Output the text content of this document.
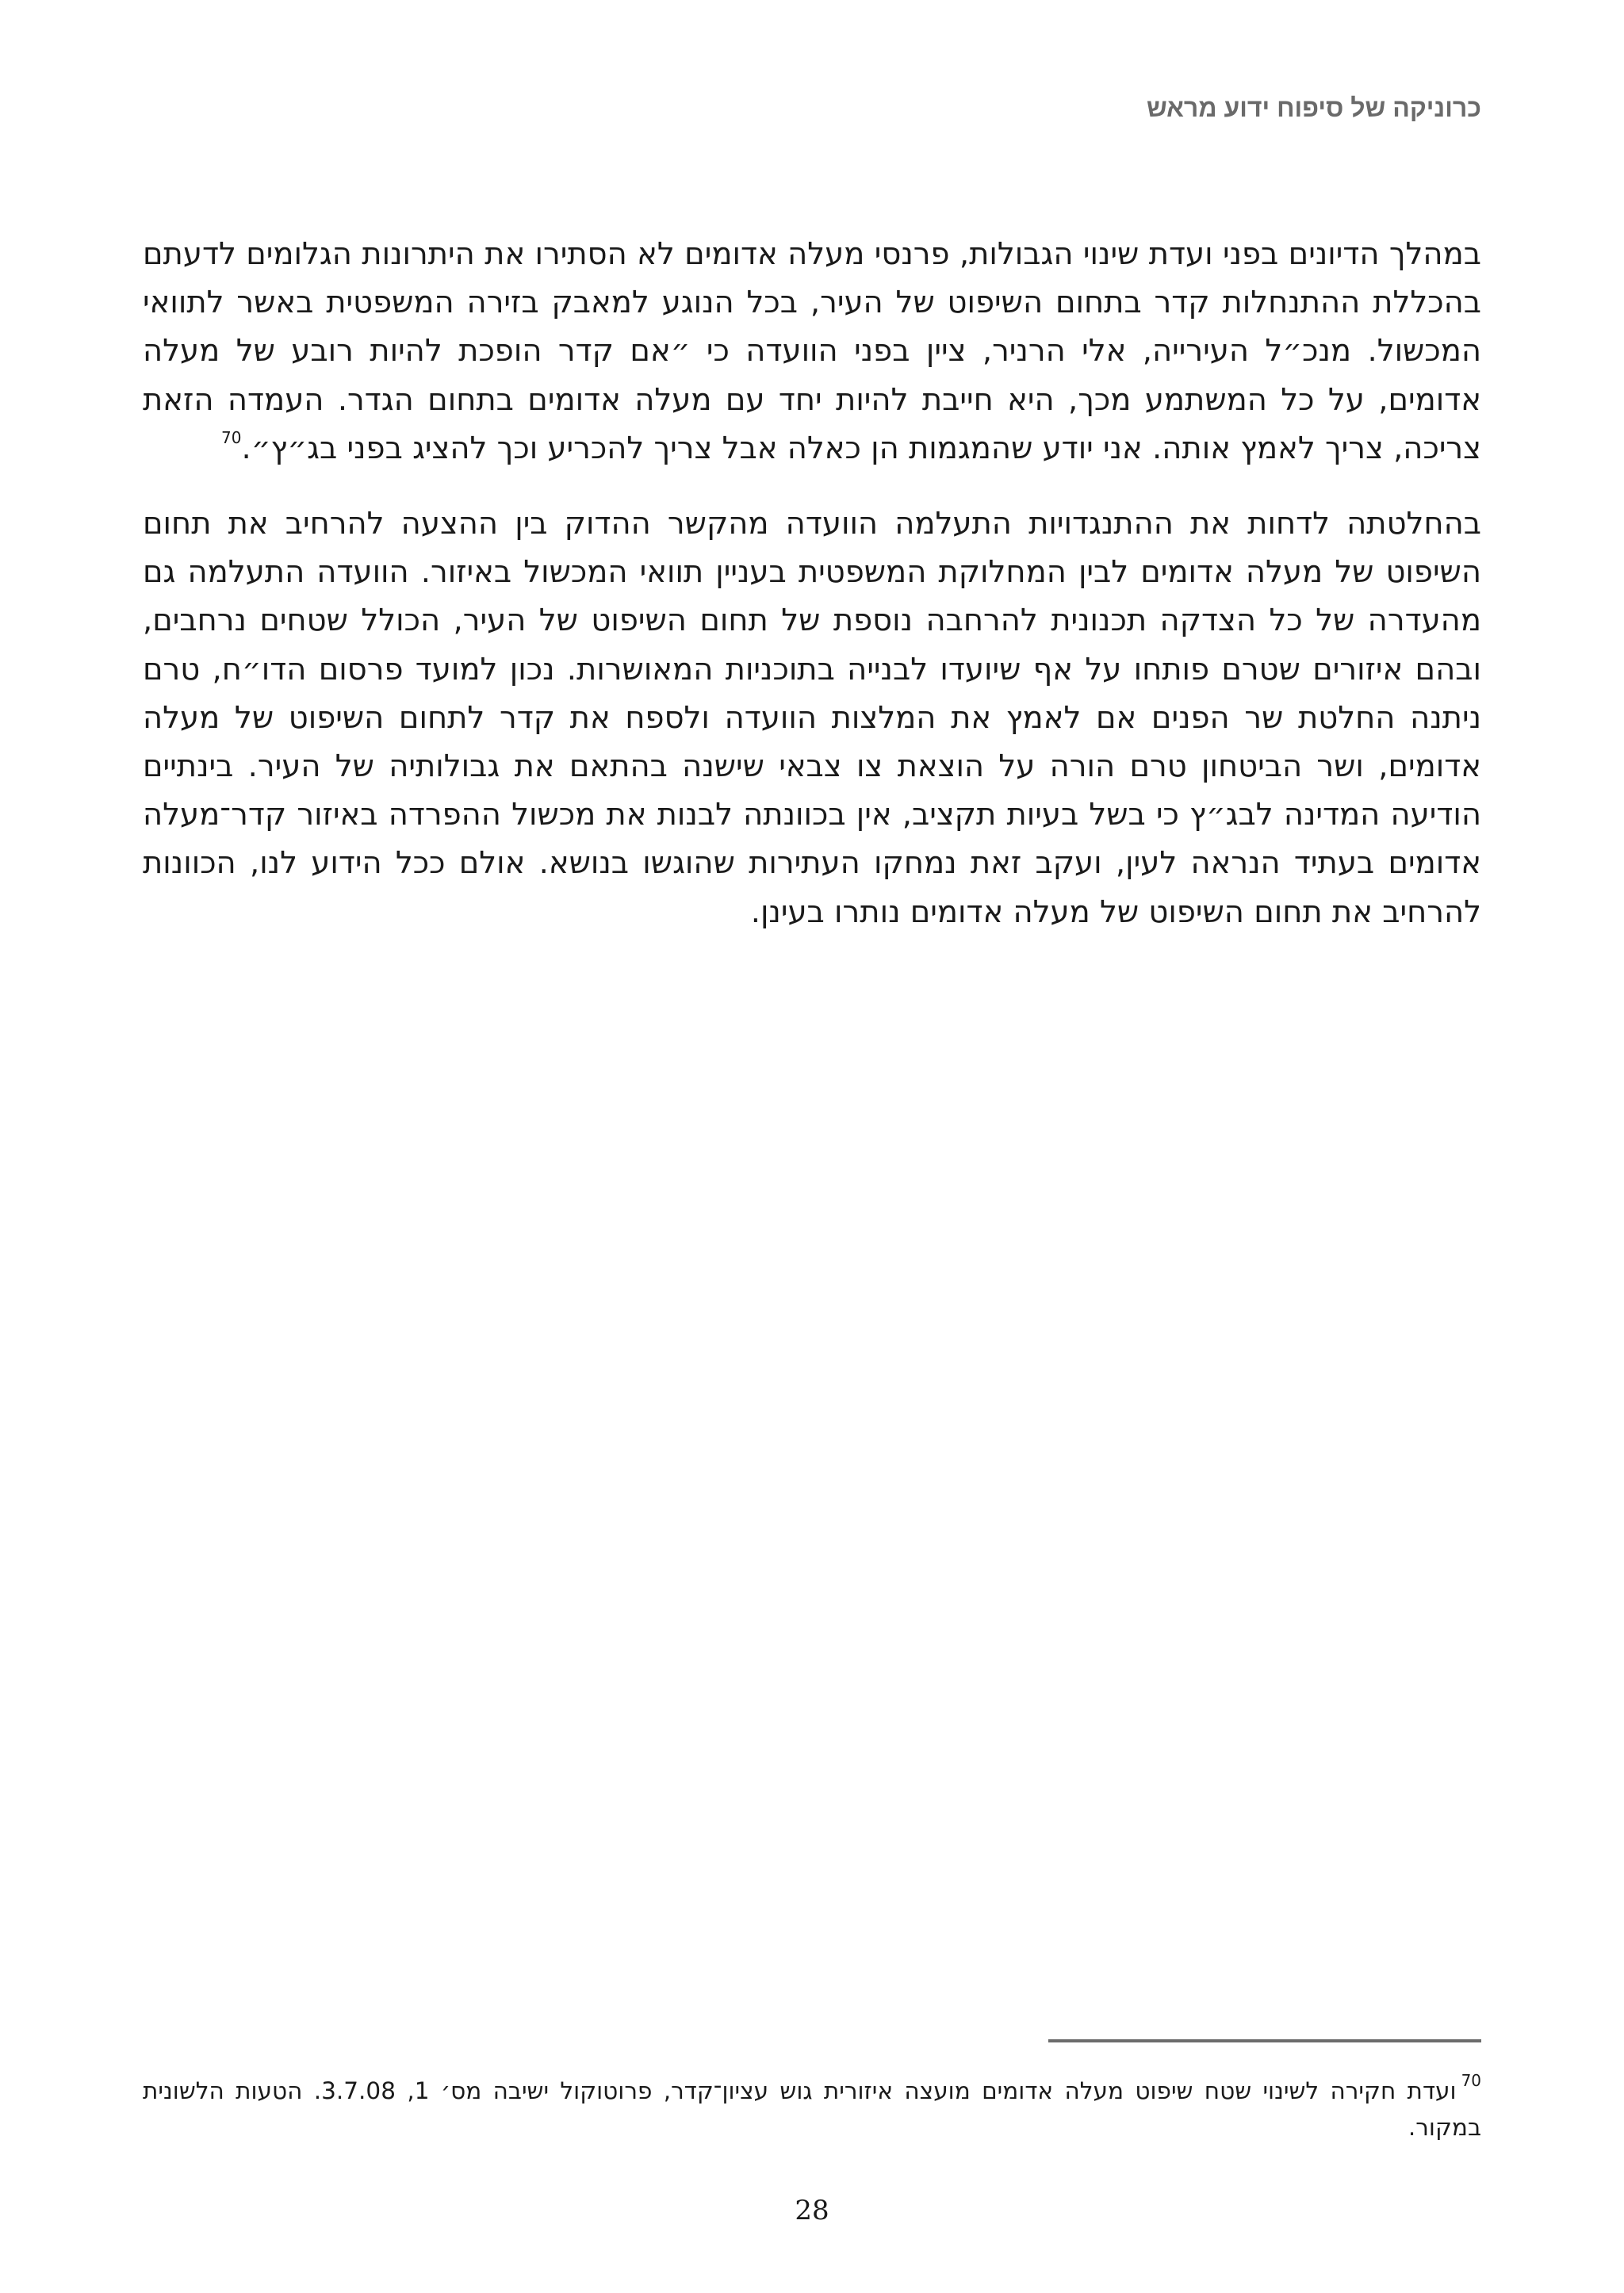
כרוניקה של סיפוח ידוע מראש

במהלך הדיונים בפני ועדת שינוי הגבולות, פרנסי מעלה אדומים לא הסתירו את היתרונות הגלומים לדעתם בהכללת ההתנחלות קדר בתחום השיפוט של העיר, בכל הנוגע למאבק בזירה המשפטית באשר לתוואי המכשול. מנכ״ל העירייה, אלי הרניר, ציין בפני הוועדה כי ״אם קדר הופכת להיות רובע של מעלה אדומים, על כל המשתמע מכך, היא חייבת להיות יחד עם מעלה אדומים בתחום הגדר. העמדה הזאת צריכה, צריך לאמץ אותה. אני יודע שהמגמות הן כאלה אבל צריך להכריע וכך להציג בפני בג״ץ״.$^{70}$

בהחלטתה לדחות את ההתנגדויות התעלמה הוועדה מהקשר ההדוק בין ההצעה להרחיב את תחום השיפוט של מעלה אדומים לבין המחלוקת המשפטית בעניין תוואי המכשול באיזור. הוועדה התעלמה גם מהעדרה של כל הצדקה תכנונית להרחבה נוספת של תחום השיפוט של העיר, הכולל שטחים נרחבים, ובהם איזורים שטרם פותחו על אף שיועדו לבנייה בתוכניות המאושרות. נכון למועד פרסום הדו״ח, טרם ניתנה החלטת שר הפנים אם לאמץ את המלצות הוועדה ולספח את קדר לתחום השיפוט של מעלה אדומים, ושר הביטחון טרם הורה על הוצאת צו צבאי שישנה בהתאם את גבולותיה של העיר. בינתיים הודיעה המדינה לבג״ץ כי בשל בעיות תקציב, אין בכוונתה לבנות את מכשול ההפרדה באיזור קדר־מעלה אדומים בעתיד הנראה לעין, ועקב זאת נמחקו העתירות שהוגשו בנושא. אולם ככל הידוע לנו, הכוונות להרחיב את תחום השיפוט של מעלה אדומים נותרו בעינן.

$^{70}$ועדת חקירה לשינוי שטח שיפוט מעלה אדומים מועצה איזורית גוש עציון־קדר, פרוטוקול ישיבה מס׳ 1, 3.7.08. הטעות הלשונית במקור.
28
